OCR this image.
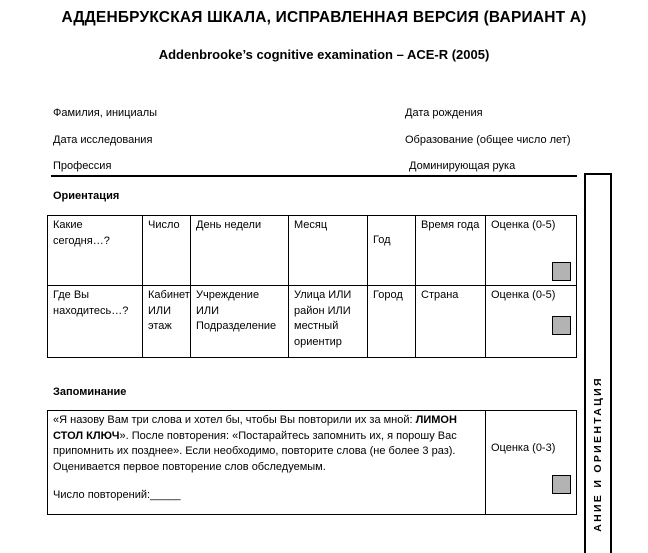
АДДЕНБРУКСКАЯ ШКАЛА, ИСПРАВЛЕННАЯ ВЕРСИЯ (ВАРИАНТ А)
Addenbrooke’s cognitive examination – ACE-R (2005)
Фамилия, инициалы	Дата рождения
Дата исследования	Образование (общее число лет)
Профессия	Доминирующая рука
АНИЕ И ОРИЕНТАЦИЯ
Ориентация
Какие сегодня…?	Число	День недели	Месяц	Год	Время года	Оценка (0-5)

Где Вы находитесь…?	Кабинет ИЛИ этаж	Учреждение ИЛИ Подразделение	Улица ИЛИ район ИЛИ местный ориентир	Город	Страна	Оценка (0-5)
Запоминание
«Я назову Вам три слова и хотел бы, чтобы Вы повторили их за мной: ЛИМОН СТОЛ КЛЮЧ». После повторения: «Постарайтесь запомнить их, я порошу Вас припомнить их позднее». Если необходимо, повторите слова (не более 3 раз). Оценивается первое повторение слов обследуемым.
Число повторений:_____
	Оценка (0-3)
